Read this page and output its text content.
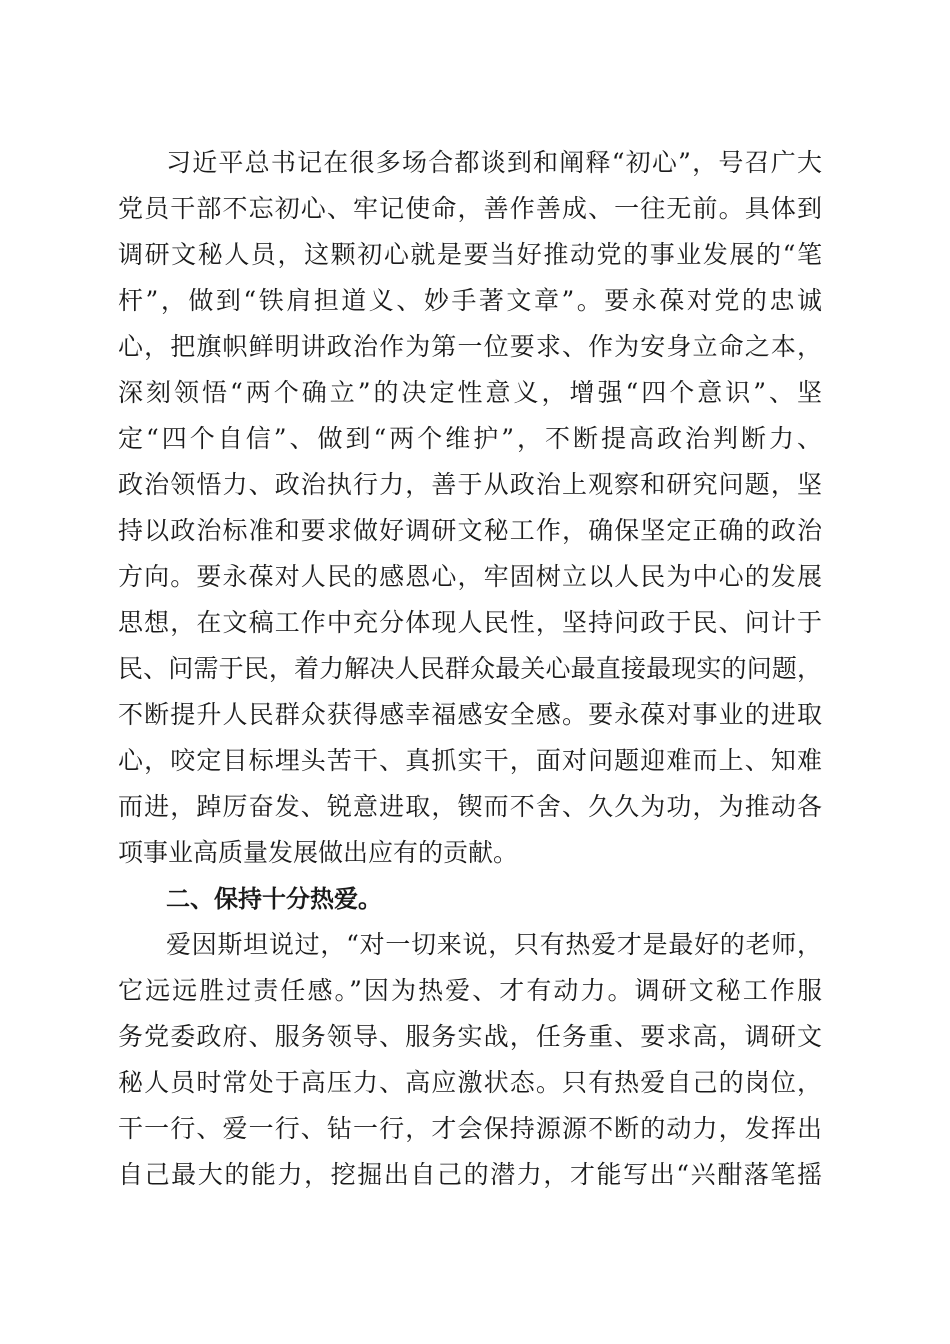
习近平总书记在很多场合都谈到和阐释“初心”，号召广大
党员干部不忘初心、牢记使命，善作善成、一往无前。具体到
调研文秘人员，这颗初心就是要当好推动党的事业发展的“笔
杆”，做到“铁肩担道义、妙手著文章”。要永葆对党的忠诚
心，把旗帜鲜明讲政治作为第一位要求、作为安身立命之本，
深刻领悟“两个确立”的决定性意义，增强“四个意识”、坚
定“四个自信”、做到“两个维护”，不断提高政治判断力、
政治领悟力、政治执行力，善于从政治上观察和研究问题，坚
持以政治标准和要求做好调研文秘工作，确保坚定正确的政治
方向。要永葆对人民的感恩心，牢固树立以人民为中心的发展
思想，在文稿工作中充分体现人民性，坚持问政于民、问计于
民、问需于民，着力解决人民群众最关心最直接最现实的问题，
不断提升人民群众获得感幸福感安全感。要永葆对事业的进取
心，咬定目标埋头苦干、真抓实干，面对问题迎难而上、知难
而进，踔厉奋发、锐意进取，锲而不舍、久久为功，为推动各
项事业高质量发展做出应有的贡献。
二、保持十分热爱。
爱因斯坦说过，“对一切来说，只有热爱才是最好的老师，
它远远胜过责任感。”因为热爱、才有动力。调研文秘工作服
务党委政府、服务领导、服务实战，任务重、要求高，调研文
秘人员时常处于高压力、高应激状态。只有热爱自己的岗位，
干一行、爱一行、钻一行，才会保持源源不断的动力，发挥出
自己最大的能力，挖掘出自己的潜力，才能写出“兴酣落笔摇
